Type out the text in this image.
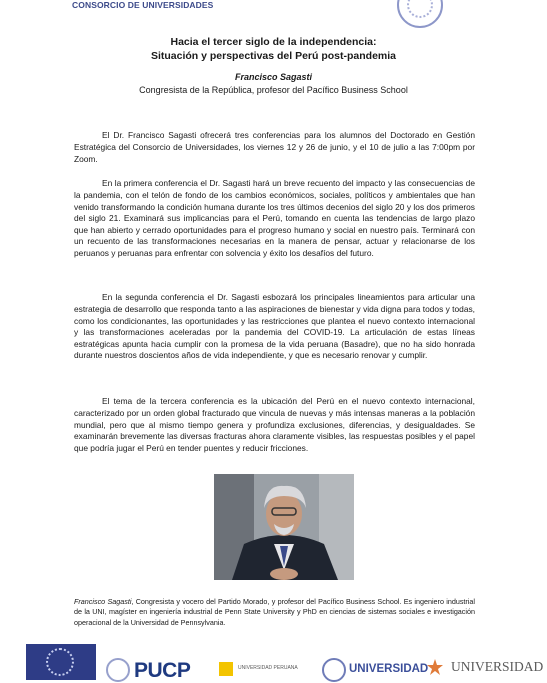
CONSORCIO DE UNIVERSIDADES
Hacia el tercer siglo de la independencia:
Situación y perspectivas del Perú post-pandemia
Francisco Sagasti
Congresista de la República, profesor del Pacífico Business School

El Dr. Francisco Sagasti ofrecerá tres conferencias para los alumnos del Doctorado en Gestión Estratégica del Consorcio de Universidades, los viernes 12 y 26 de junio, y el 10 de julio a las 7:00pm por Zoom.

En la primera conferencia el Dr. Sagasti hará un breve recuento del impacto y las consecuencias de la pandemia, con el telón de fondo de los cambios económicos, sociales, políticos y ambientales que han venido transformando la condición humana durante los tres últimos decenios del siglo 20 y los dos primeros del siglo 21. Examinará sus implicancias para el Perú, tomando en cuenta las tendencias de largo plazo que han abierto y cerrado oportunidades para el progreso humano y social en nuestro país. Terminará con un recuento de las transformaciones necesarias en la manera de pensar, actuar y relacionarse de los peruanos y peruanas para enfrentar con solvencia y éxito los desafíos del futuro.

En la segunda conferencia el Dr. Sagasti esbozará los principales lineamientos para articular una estrategia de desarrollo que responda tanto a las aspiraciones de bienestar y vida digna para todos y todas, como los condicionantes, las oportunidades y las restricciones que plantea el nuevo contexto internacional y las transformaciones aceleradas por la pandemia del COVID-19. La articulación de estas líneas estratégicas apunta hacia cumplir con la promesa de la vida peruana (Basadre), que no ha sido honrada durante nuestros doscientos años de vida independiente, y que es necesario renovar y cumplir.

El tema de la tercera conferencia es la ubicación del Perú en el nuevo contexto internacional, caracterizado por un orden global fracturado que vincula de nuevas y más intensas maneras a la población mundial, pero que al mismo tiempo genera y profundiza exclusiones, diferencias, y desigualdades. Se examinarán brevemente las diversas fracturas ahora claramente visibles, las respuestas posibles y el papel que podría jugar el Perú en tender puentes y reducir fricciones.

Francisco Sagasti, Congresista y vocero del Partido Morado, y profesor del Pacífico Business School. Es ingeniero industrial de la UNI, magíster en ingeniería industrial de Penn State University y PhD en ciencias de sistemas sociales e investigación operacional de la Universidad de Pennsylvania.
PUCP	UNIVERSIDAD PERUANA	UNIVERSIDAD UNIVERSIDAD
